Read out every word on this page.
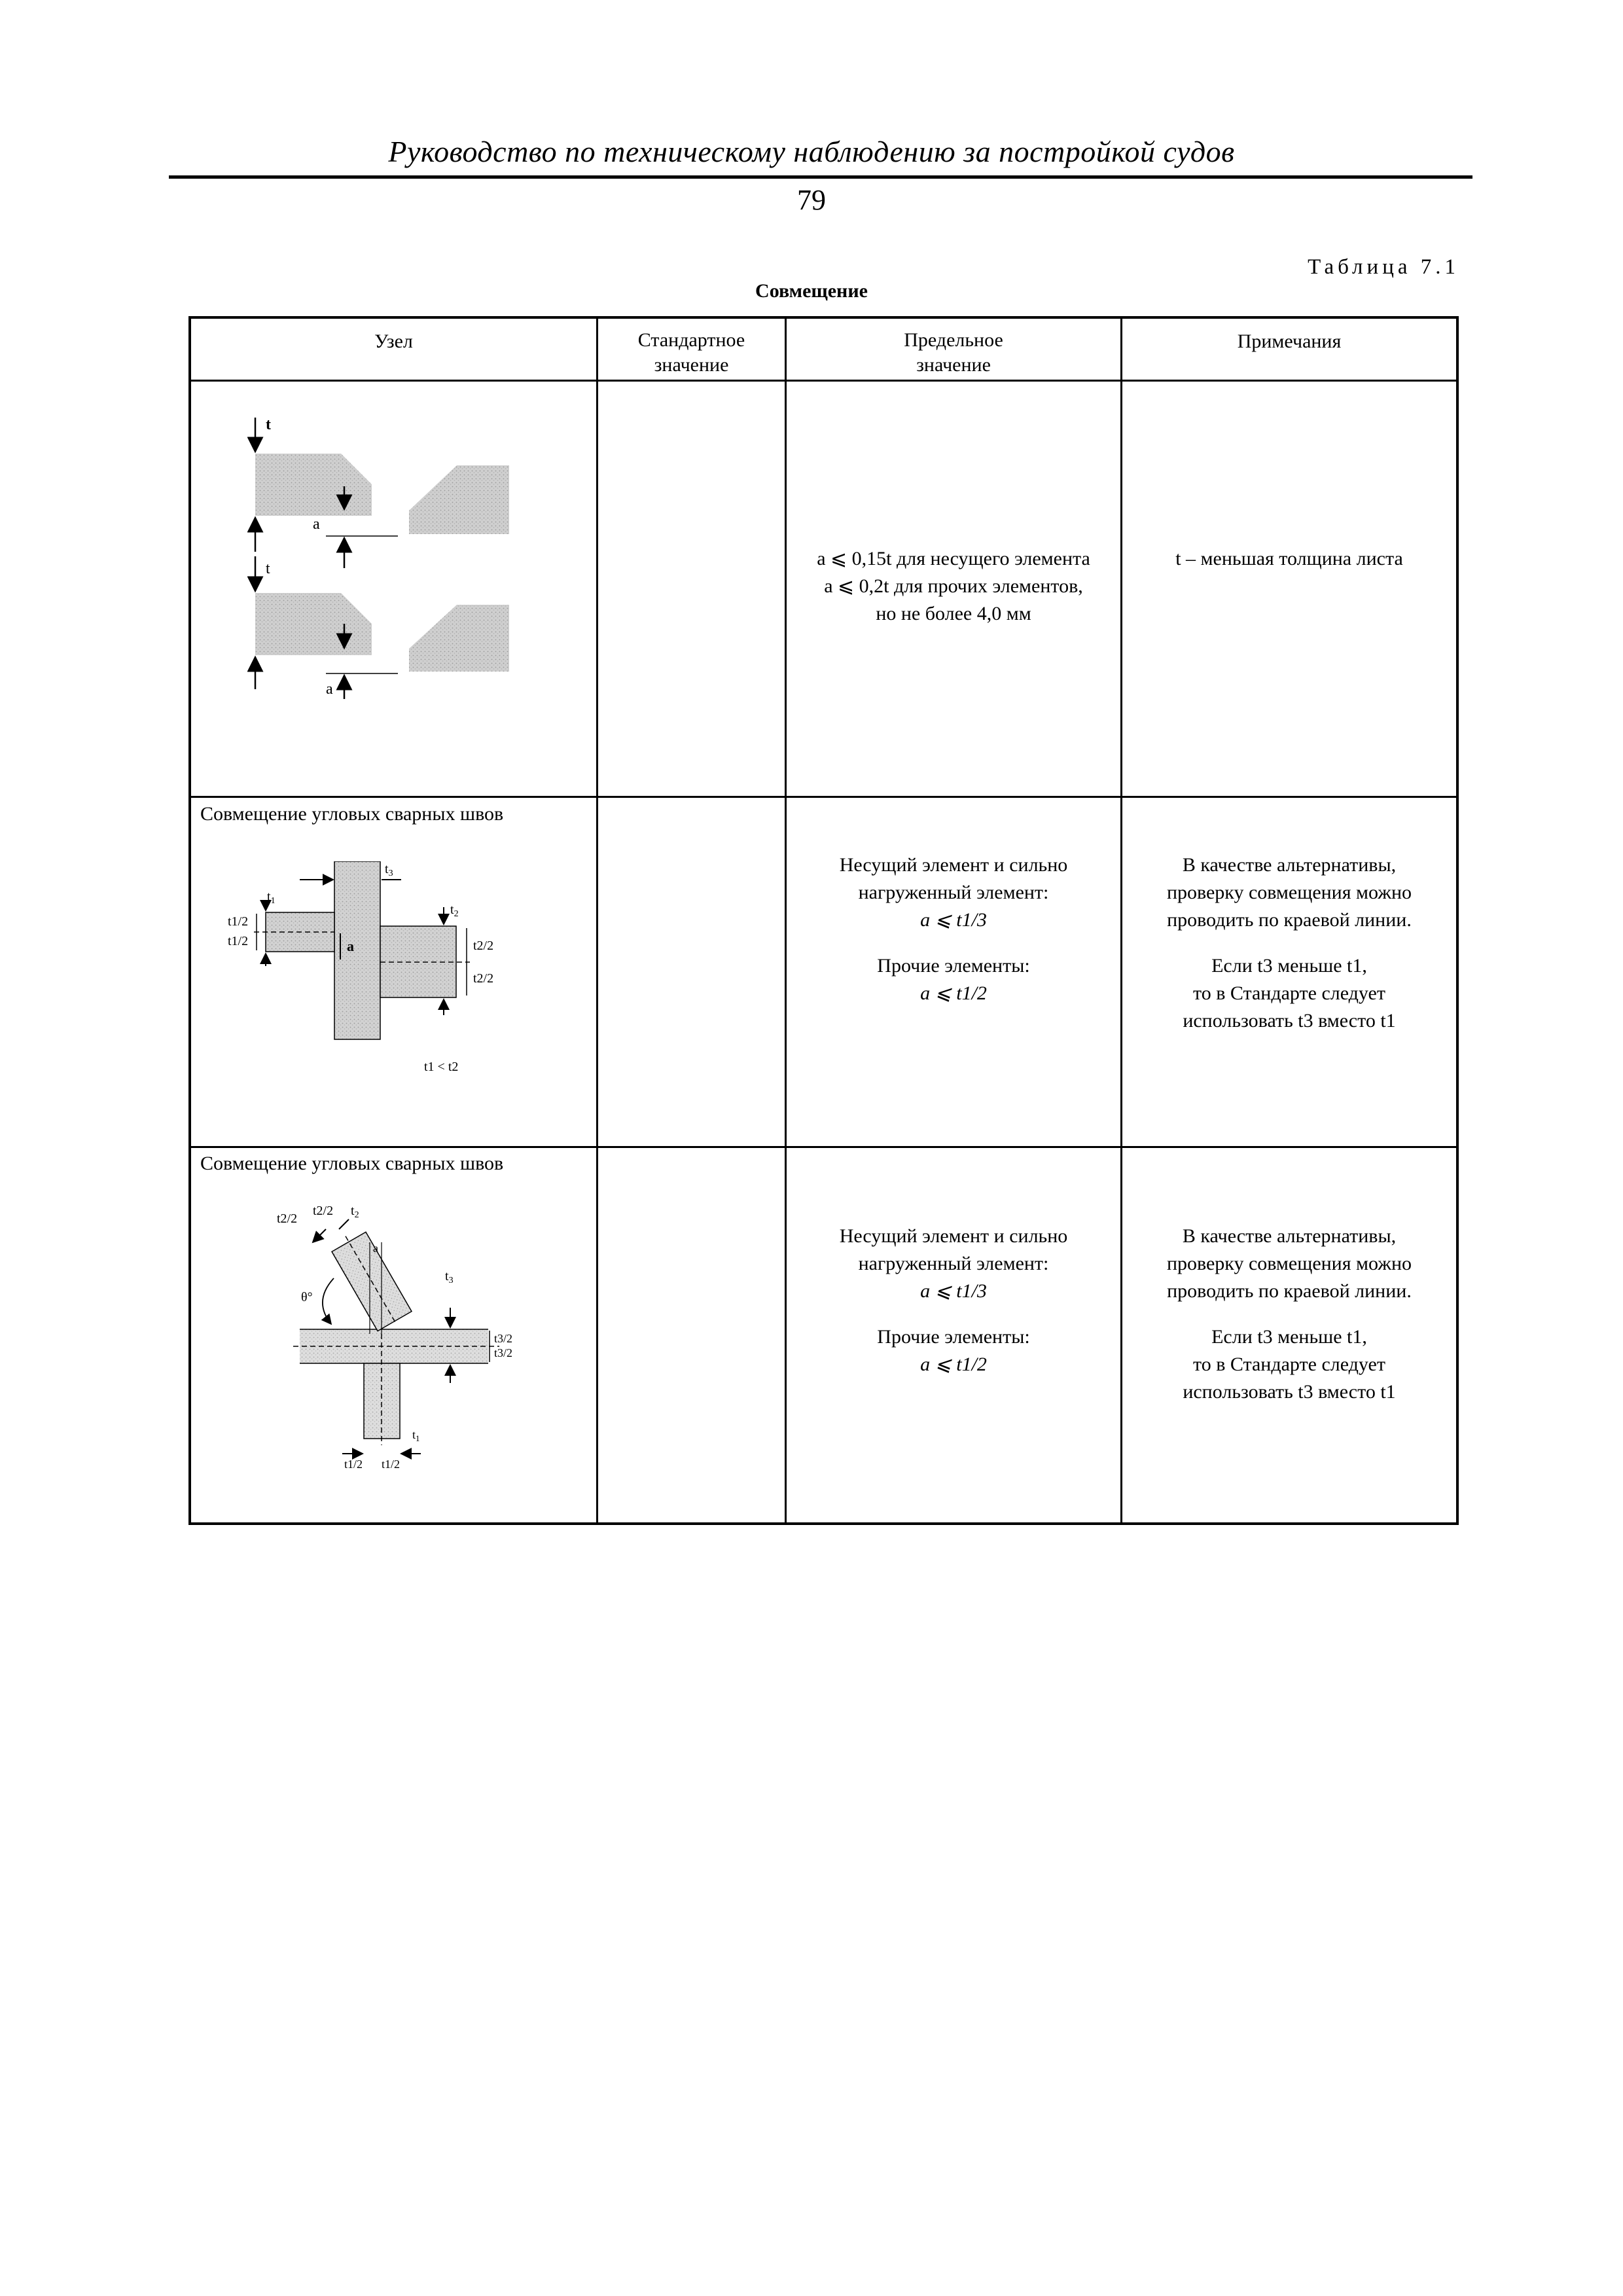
Руководство по техническому наблюдению за постройкой судов
79
Таблица 7.1
Совмещение
Узел	Стандартное значение
Предельное значение
Примечания
t
a
t
a
a ⩽ 0,15t для несущего элемента
a ⩽ 0,2t для прочих элементов,
но не более 4,0 мм
t – меньшая толщина листа
Совмещение угловых сварных швов
$t_3$
$t_1$
t1/2
t1/2	a
$t_2$
t2/2
t2/2
t1 < t2
Несущий элемент и сильно
нагруженный элемент:
a ⩽ t1/3
Прочие элементы:
a ⩽ t1/2
В качестве альтернативы,
проверку совмещения можно
проводить по краевой линии.
Если t3 меньше t1,
то в Стандарте следует
использовать t3 вместо t1
Совмещение угловых сварных швов
t2/2
t2/2 $t_2$
a
θ°
$t_3$
t3/2
t3/2
$t_1$
t1/2 t1/2
Несущий элемент и сильно
нагруженный элемент:
a ⩽ t1/3
Прочие элементы:
a ⩽ t1/2
В качестве альтернативы,
проверку совмещения можно
проводить по краевой линии.
Если t3 меньше t1,
то в Стандарте следует
использовать t3 вместо t1
